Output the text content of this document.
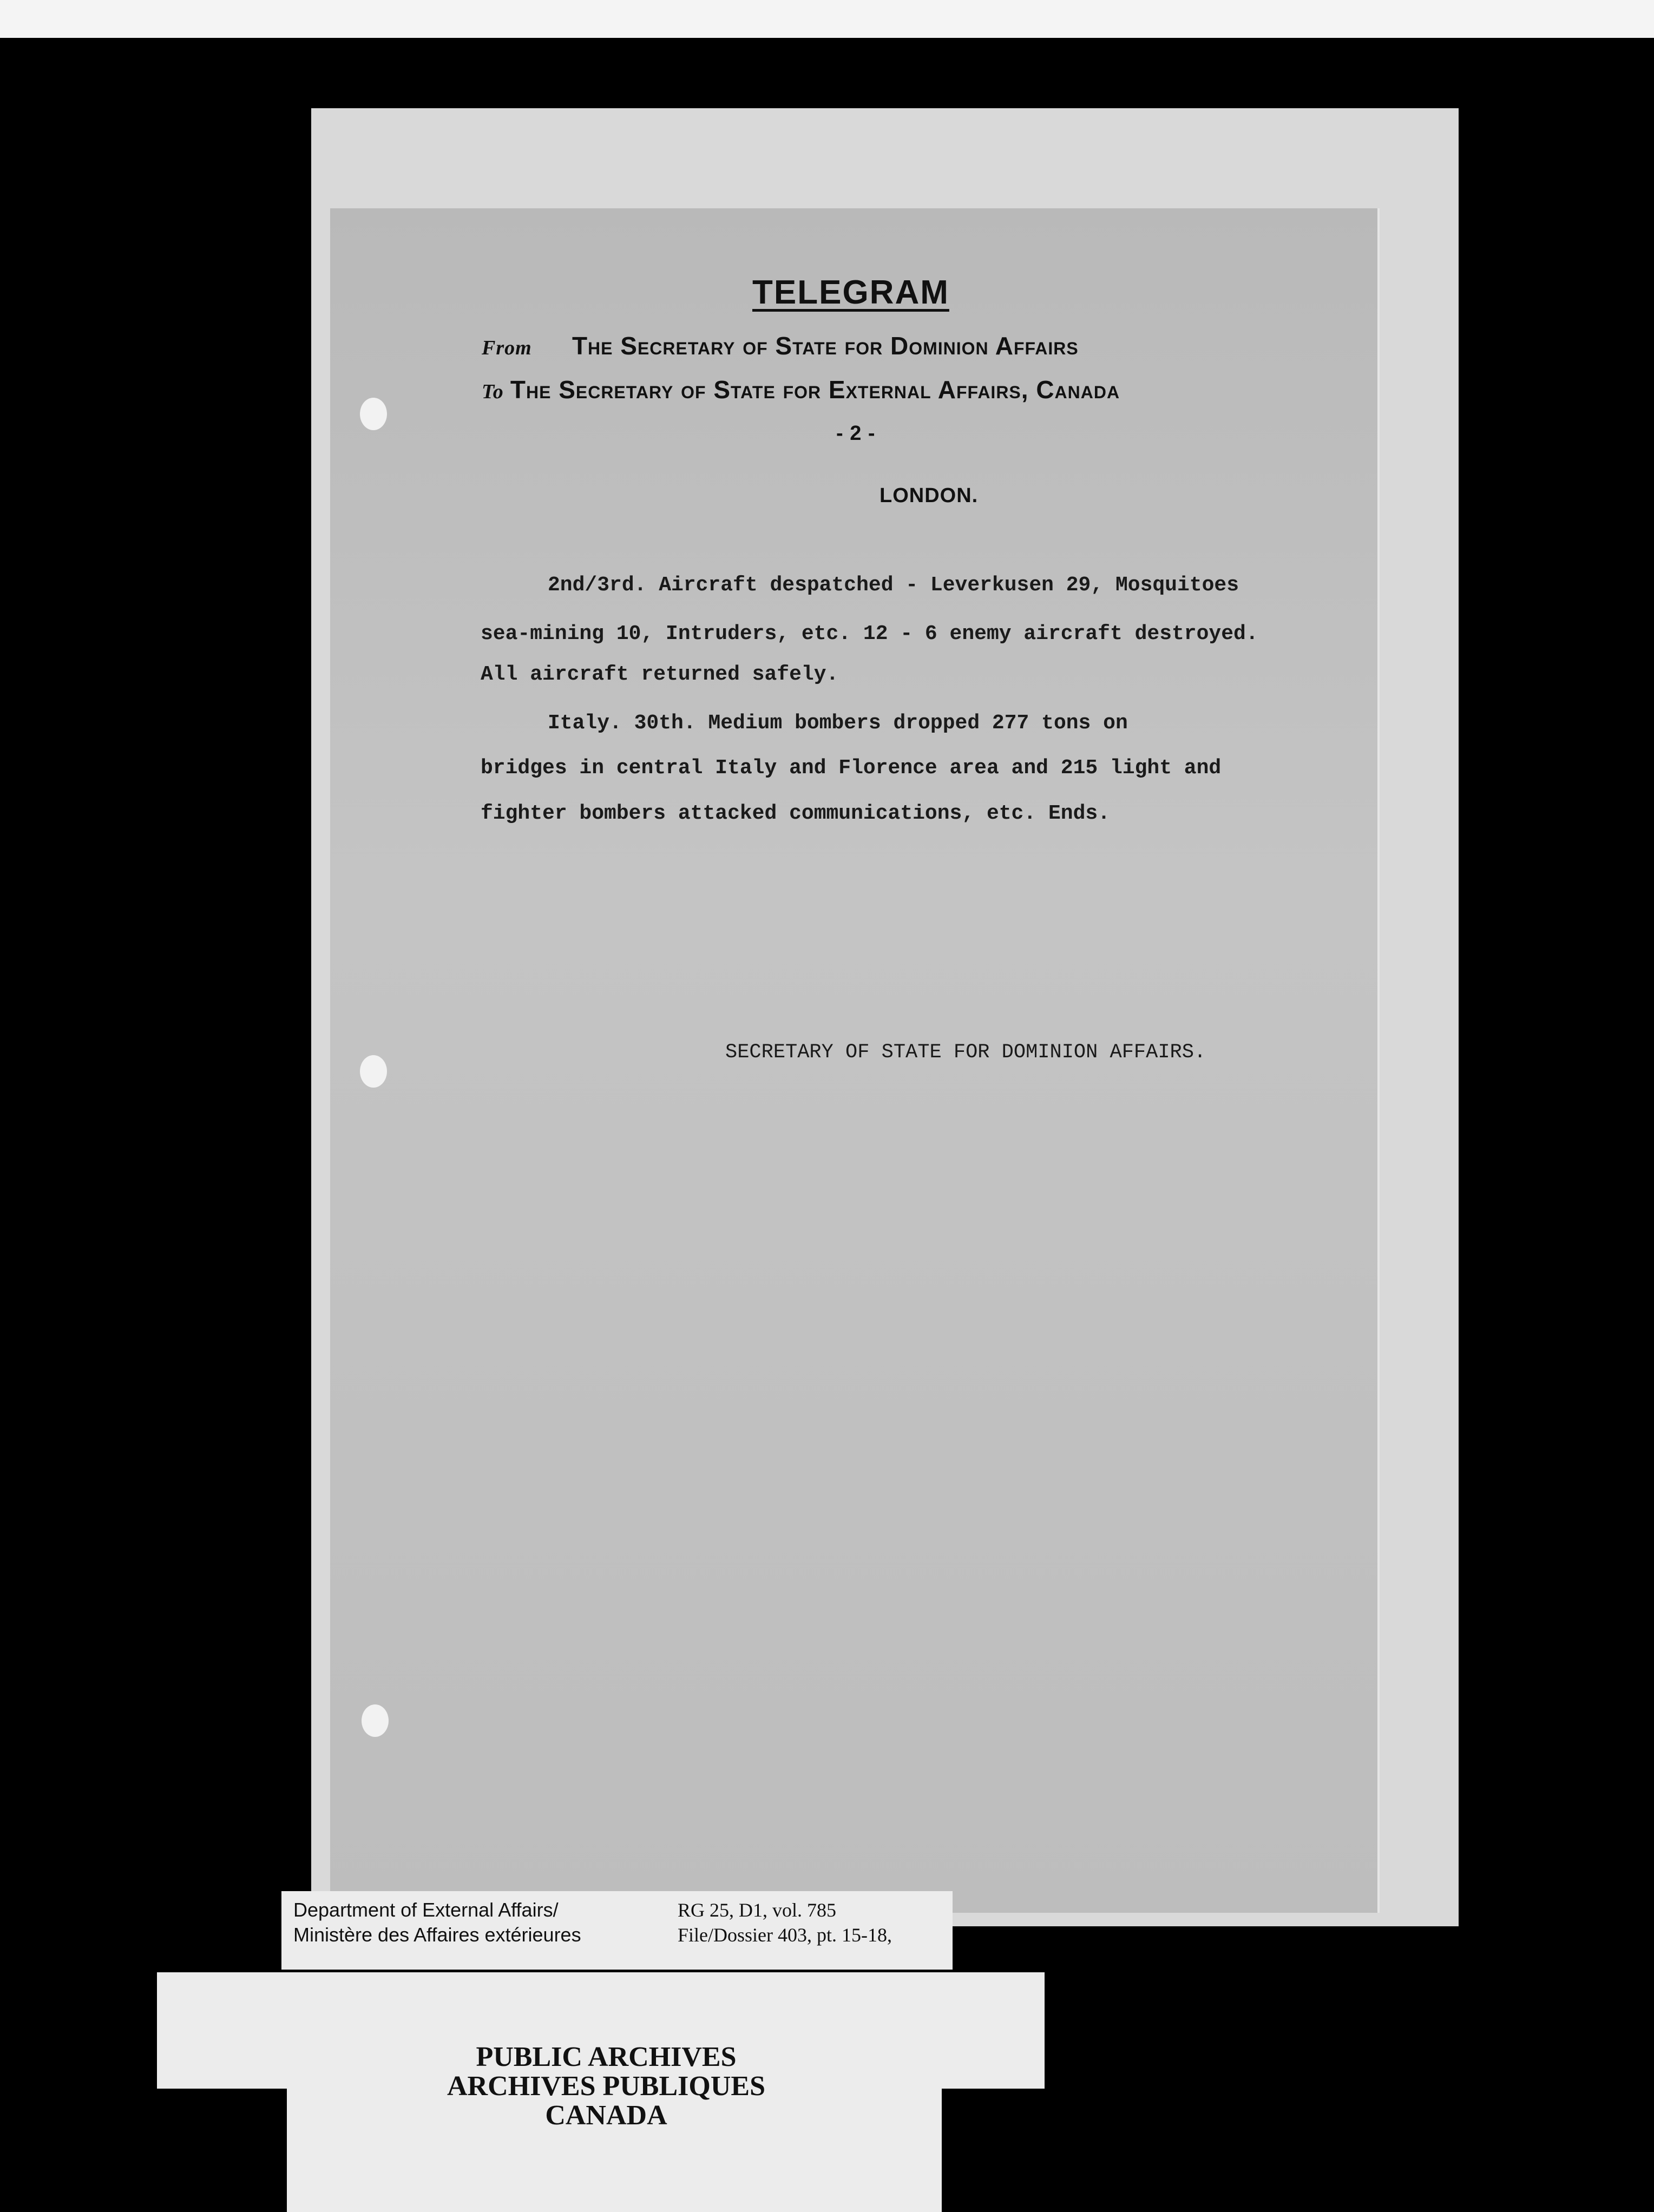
TELEGRAM
From The Secretary of State for Dominion Affairs
To The Secretary of State for External Affairs, Canada
- 2 -
LONDON.
2nd/3rd. Aircraft despatched - Leverkusen 29, Mosquitoes
sea-mining 10, Intruders, etc. 12 - 6 enemy aircraft destroyed.
All aircraft returned safely.
Italy. 30th. Medium bombers dropped 277 tons on
bridges in central Italy and Florence area and 215 light and
fighter bombers attacked communications, etc. Ends.
SECRETARY OF STATE FOR DOMINION AFFAIRS.
Department of External Affairs/
Ministère des Affaires extérieures
RG 25, D1, vol. 785
File/Dossier 403, pt. 15-18,
PUBLIC ARCHIVES
ARCHIVES PUBLIQUES
CANADA
